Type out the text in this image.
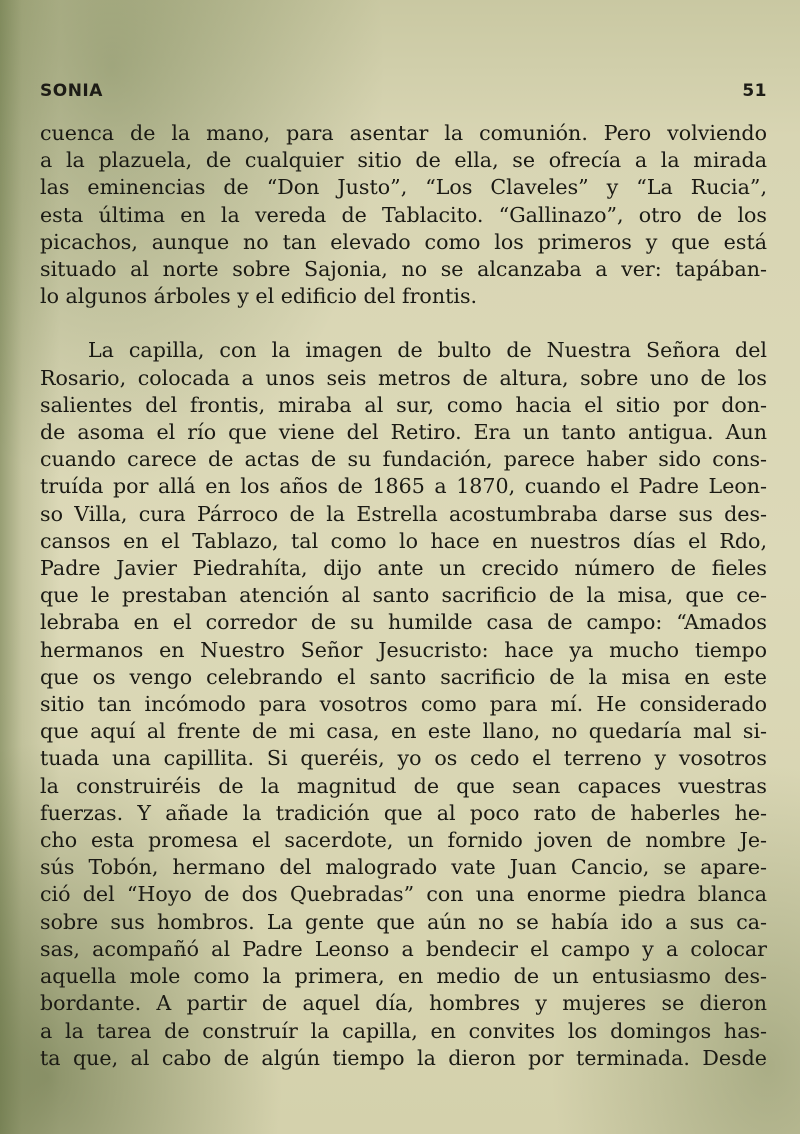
SONIA	51
cuenca de la mano, para asentar la comunión. Pero volviendo
a la plazuela, de cualquier sitio de ella, se ofrecía a la mirada
las eminencias de “Don Justo”, “Los Claveles” y “La Rucia”,
esta última en la vereda de Tablacito. “Gallinazo”, otro de los
picachos, aunque no tan elevado como los primeros y que está
situado al norte sobre Sajonia, no se alcanzaba a ver: tapában-
lo algunos árboles y el edificio del frontis.
La capilla, con la imagen de bulto de Nuestra Señora del
Rosario, colocada a unos seis metros de altura, sobre uno de los
salientes del frontis, miraba al sur, como hacia el sitio por don-
de asoma el río que viene del Retiro. Era un tanto antigua. Aun
cuando carece de actas de su fundación, parece haber sido cons-
truída por allá en los años de 1865 a 1870, cuando el Padre Leon-
so Villa, cura Párroco de la Estrella acostumbraba darse sus des-
cansos en el Tablazo, tal como lo hace en nuestros días el Rdo,
Padre Javier Piedrahíta, dijo ante un crecido número de fieles
que le prestaban atención al santo sacrificio de la misa, que ce-
lebraba en el corredor de su humilde casa de campo: “Amados
hermanos en Nuestro Señor Jesucristo: hace ya mucho tiempo
que os vengo celebrando el santo sacrificio de la misa en este
sitio tan incómodo para vosotros como para mí. He considerado
que aquí al frente de mi casa, en este llano, no quedaría mal si-
tuada una capillita. Si queréis, yo os cedo el terreno y vosotros
la construiréis de la magnitud de que sean capaces vuestras
fuerzas. Y añade la tradición que al poco rato de haberles he-
cho esta promesa el sacerdote, un fornido joven de nombre Je-
sús Tobón, hermano del malogrado vate Juan Cancio, se apare-
ció del “Hoyo de dos Quebradas” con una enorme piedra blanca
sobre sus hombros. La gente que aún no se había ido a sus ca-
sas, acompañó al Padre Leonso a bendecir el campo y a colocar
aquella mole como la primera, en medio de un entusiasmo des-
bordante. A partir de aquel día, hombres y mujeres se dieron
a la tarea de construír la capilla, en convites los domingos has-
ta que, al cabo de algún tiempo la dieron por terminada. Desde
